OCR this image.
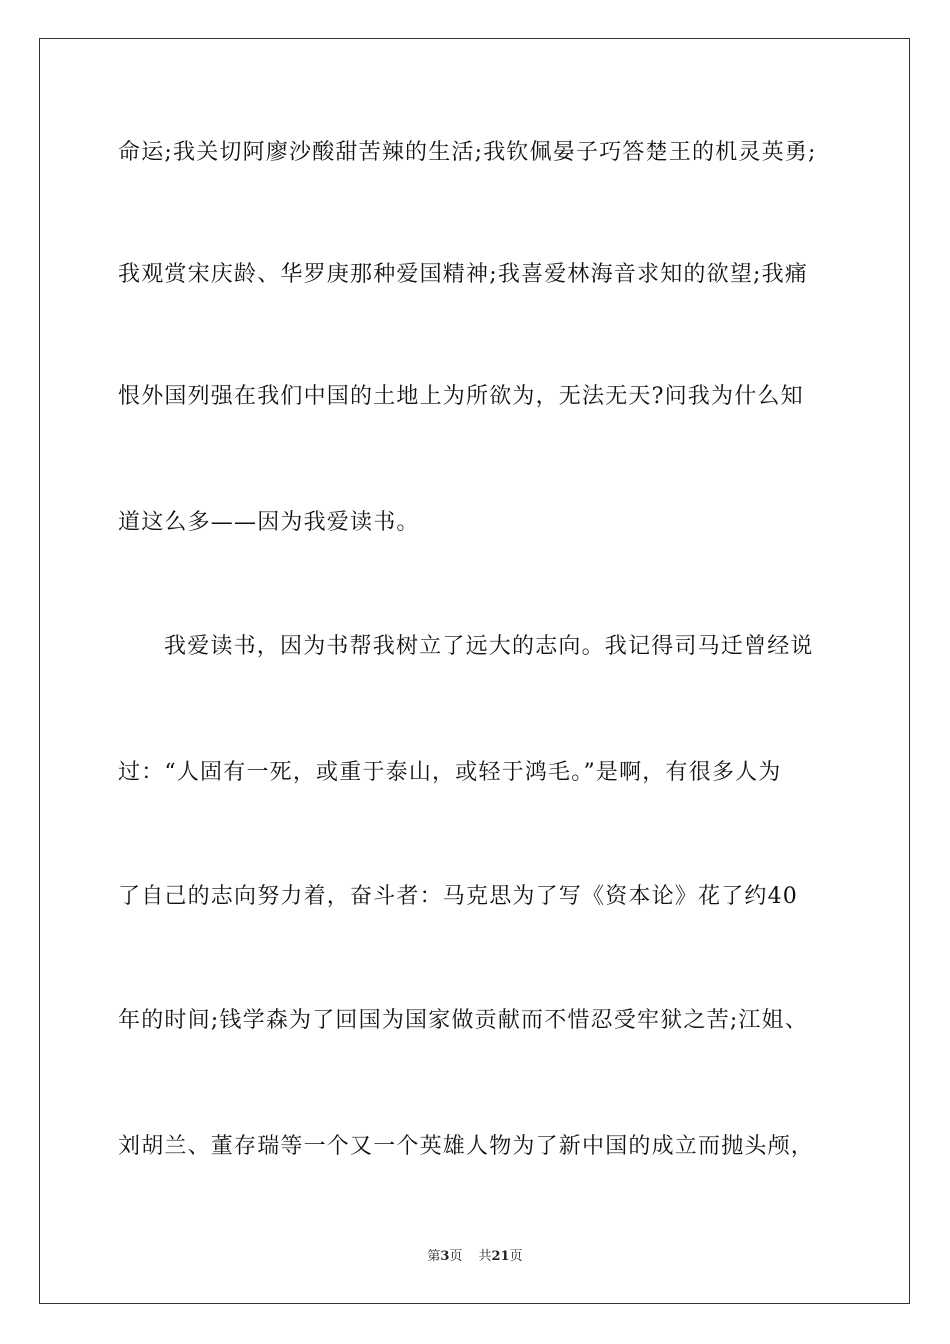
命运;我关切阿廖沙酸甜苦辣的生活;我钦佩晏子巧答楚王的机灵英勇;
我观赏宋庆龄、华罗庚那种爱国精神;我喜爱林海音求知的欲望;我痛
恨外国列强在我们中国的土地上为所欲为，无法无天?问我为什么知
道这么多——因为我爱读书。
我爱读书，因为书帮我树立了远大的志向。我记得司马迁曾经说
过：“人固有一死，或重于泰山，或轻于鸿毛。”是啊，有很多人为
了自己的志向努力着，奋斗者：马克思为了写《资本论》花了约40
年的时间;钱学森为了回国为国家做贡献而不惜忍受牢狱之苦;江姐、
刘胡兰、董存瑞等一个又一个英雄人物为了新中国的成立而抛头颅，
第3页 共21页
